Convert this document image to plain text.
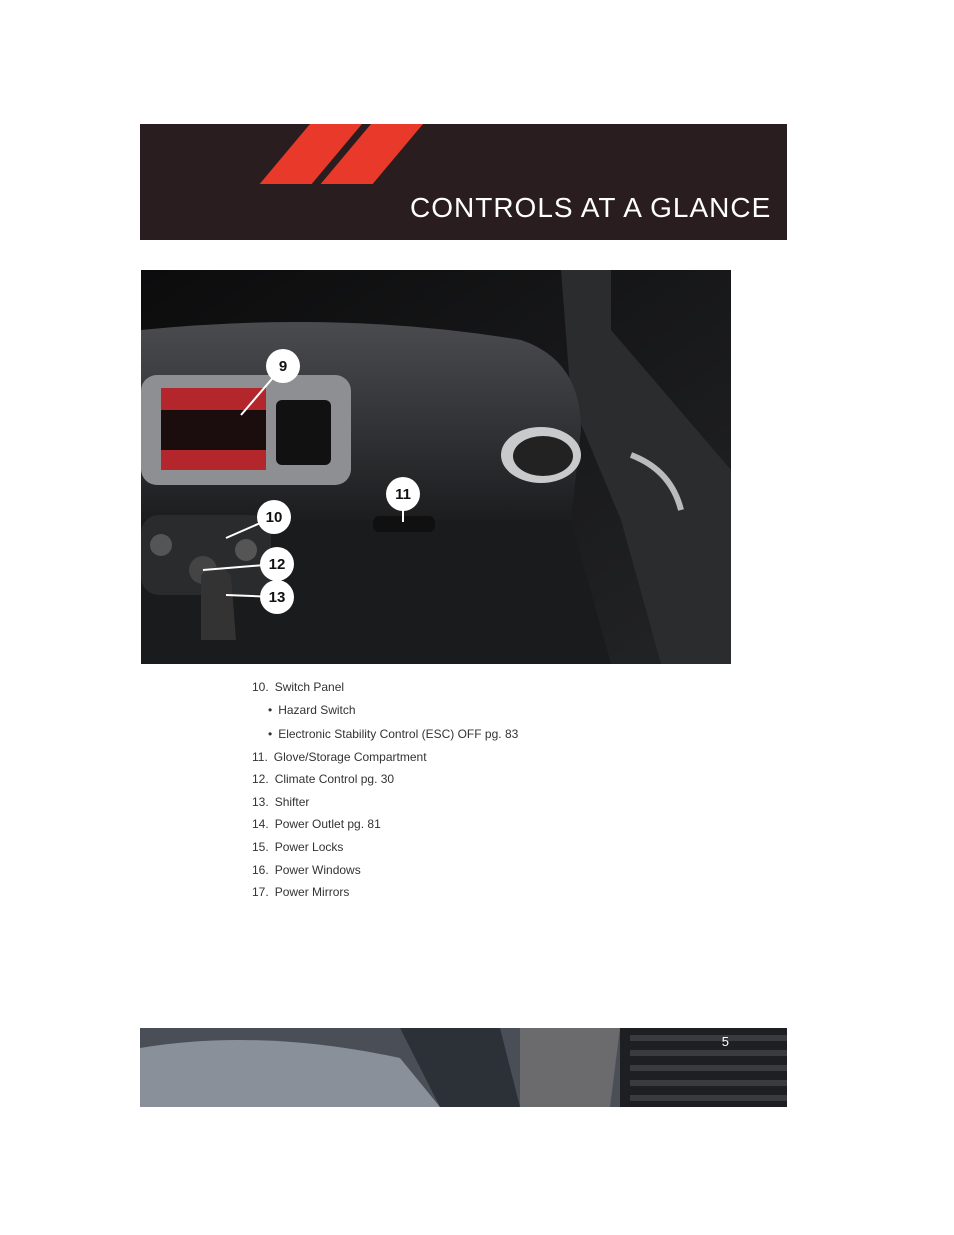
CONTROLS AT A GLANCE
9
10
11
12
13
10. Switch Panel
• Hazard Switch
• Electronic Stability Control (ESC) OFF pg. 83
11. Glove/Storage Compartment
12. Climate Control pg. 30
13. Shifter
14. Power Outlet pg. 81
15. Power Locks
16. Power Windows
17. Power Mirrors
5
